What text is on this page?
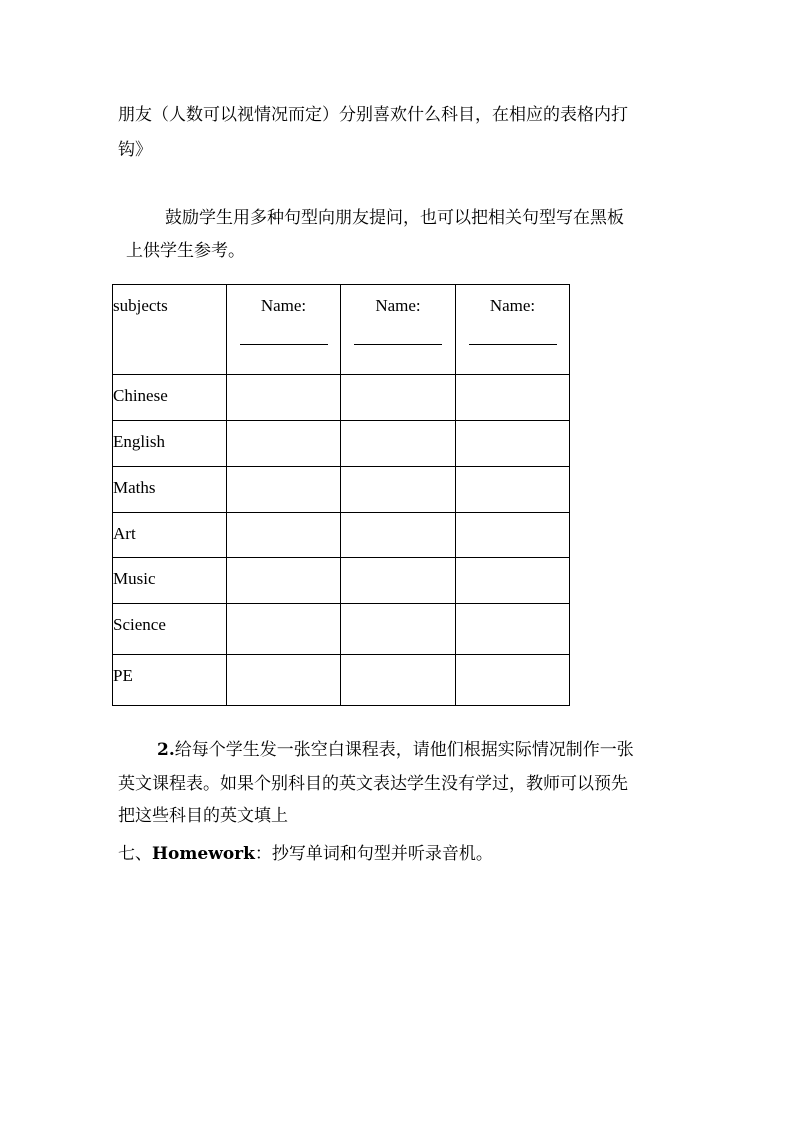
朋友（人数可以视情况而定）分别喜欢什么科目，在相应的表格内打
钩》
鼓励学生用多种句型向朋友提问，也可以把相关句型写在黑板
上供学生参考。
subjects	Name:	Name:	Name:

Chinese			

English			

Maths			

Art			

Music			

Science			

PE			

2.给每个学生发一张空白课程表，请他们根据实际情况制作一张
英文课程表。如果个别科目的英文表达学生没有学过，教师可以预先
把这些科目的英文填上
七、Homework：抄写单词和句型并听录音机。
